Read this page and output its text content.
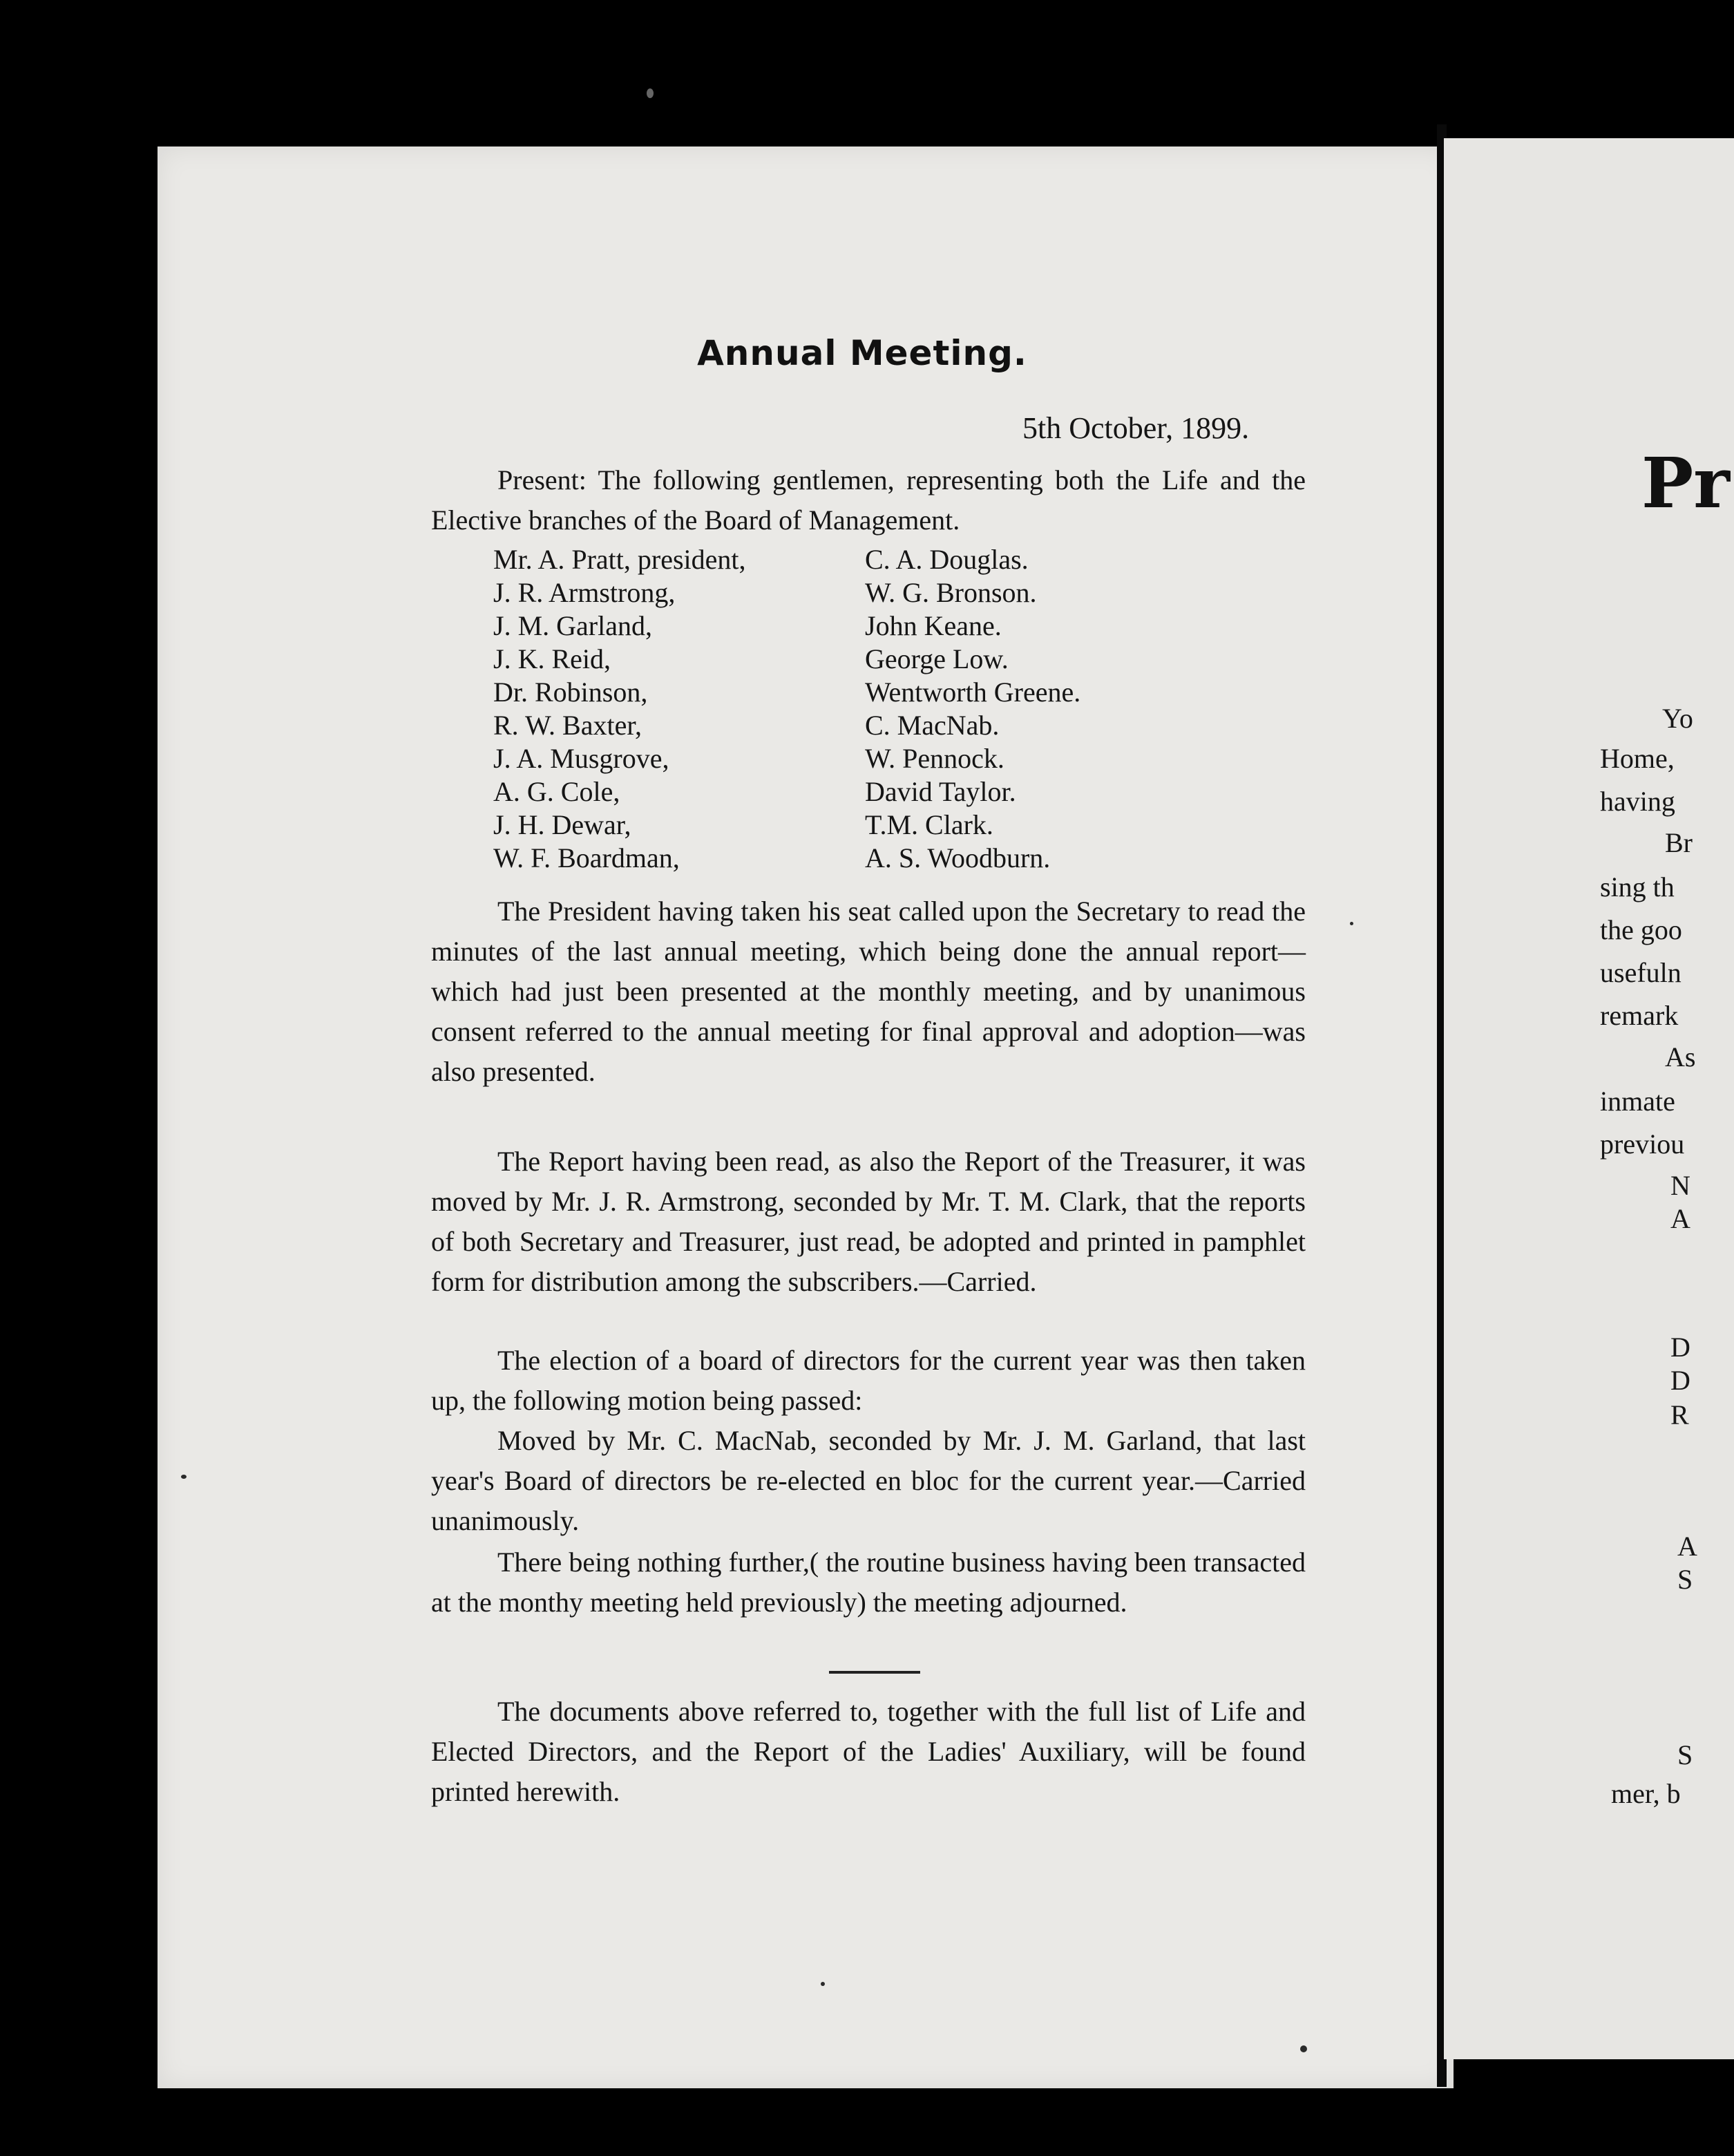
Annual Meeting.
5th October, 1899.
Present: The following gentlemen, representing both the Life and the Elective branches of the Board of Management.
Mr. A. Pratt, president,
J. R. Armstrong,
J. M. Garland,
J. K. Reid,
Dr. Robinson,
R. W. Baxter,
J. A. Musgrove,
A. G. Cole,
J. H. Dewar,
W. F. Boardman,
C. A. Douglas.
W. G. Bronson.
John Keane.
George Low.
Wentworth Greene.
C. MacNab.
W. Pennock.
David Taylor.
T.M. Clark.
A. S. Woodburn.
The President having taken his seat called upon the Secretary to read the minutes of the last annual meeting, which being done the annual report—which had just been presented at the monthly meeting, and by unanimous consent referred to the annual meeting for final approval and adoption—was also presented.
The Report having been read, as also the Report of the Treasurer, it was moved by Mr. J. R. Armstrong, seconded by Mr. T. M. Clark, that the reports of both Secretary and Treasurer, just read, be adopted and printed in pamphlet form for distribution among the subscribers.—Carried.
The election of a board of directors for the current year was then taken up, the following motion being passed:
Moved by Mr. C. MacNab, seconded by Mr. J. M. Garland, that last year's Board of directors be re-elected en bloc for the current year.—Carried unanimously.
There being nothing further,( the routine business having been transacted at the monthy meeting held previously) the meeting adjourned.
The documents above referred to, together with the full list of Life and Elected Directors, and the Report of the Ladies' Auxiliary, will be found printed herewith.
Pr
Yo
Home,
having
Br
sing th
the goo
usefuln
remark
As
inmate
previou
N
A
D
D
R
A
S
S
mer, b
